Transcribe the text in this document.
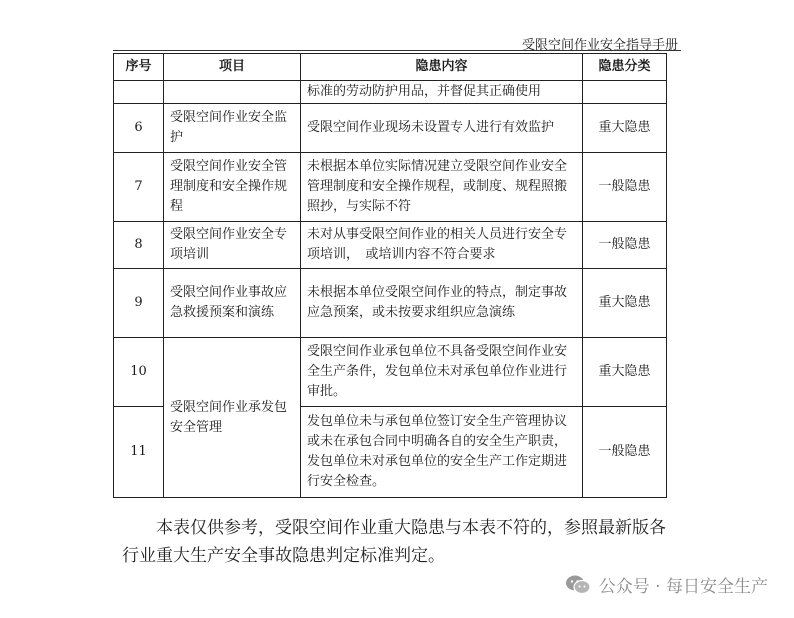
受限空间作业安全指导手册
序号	项目	隐患内容	隐患分类
		标准的劳动防护用品，并督促其正确使用	
6	受限空间作业安全监护	受限空间作业现场未设置专人进行有效监护	重大隐患
7	受限空间作业安全管理制度和安全操作规程	未根据本单位实际情况建立受限空间作业安全管理制度和安全操作规程，或制度、规程照搬照抄，与实际不符	一般隐患
8	受限空间作业安全专项培训	未对从事受限空间作业的相关人员进行安全专项培训，　或培训内容不符合要求	一般隐患
9	受限空间作业事故应急救援预案和演练	未根据本单位受限空间作业的特点，制定事故应急预案，或未按要求组织应急演练	重大隐患
10	受限空间作业承发包安全管理	受限空间作业承包单位不具备受限空间作业安全生产条件，发包单位未对承包单位作业进行审批。	重大隐患
11		发包单位未与承包单位签订安全生产管理协议或未在承包合同中明确各自的安全生产职责，发包单位未对承包单位的安全生产工作定期进行安全检查。	一般隐患
本表仅供参考，受限空间作业重大隐患与本表不符的，参照最新版各行业重大生产安全事故隐患判定标准判定。
公众号 · 每日安全生产
